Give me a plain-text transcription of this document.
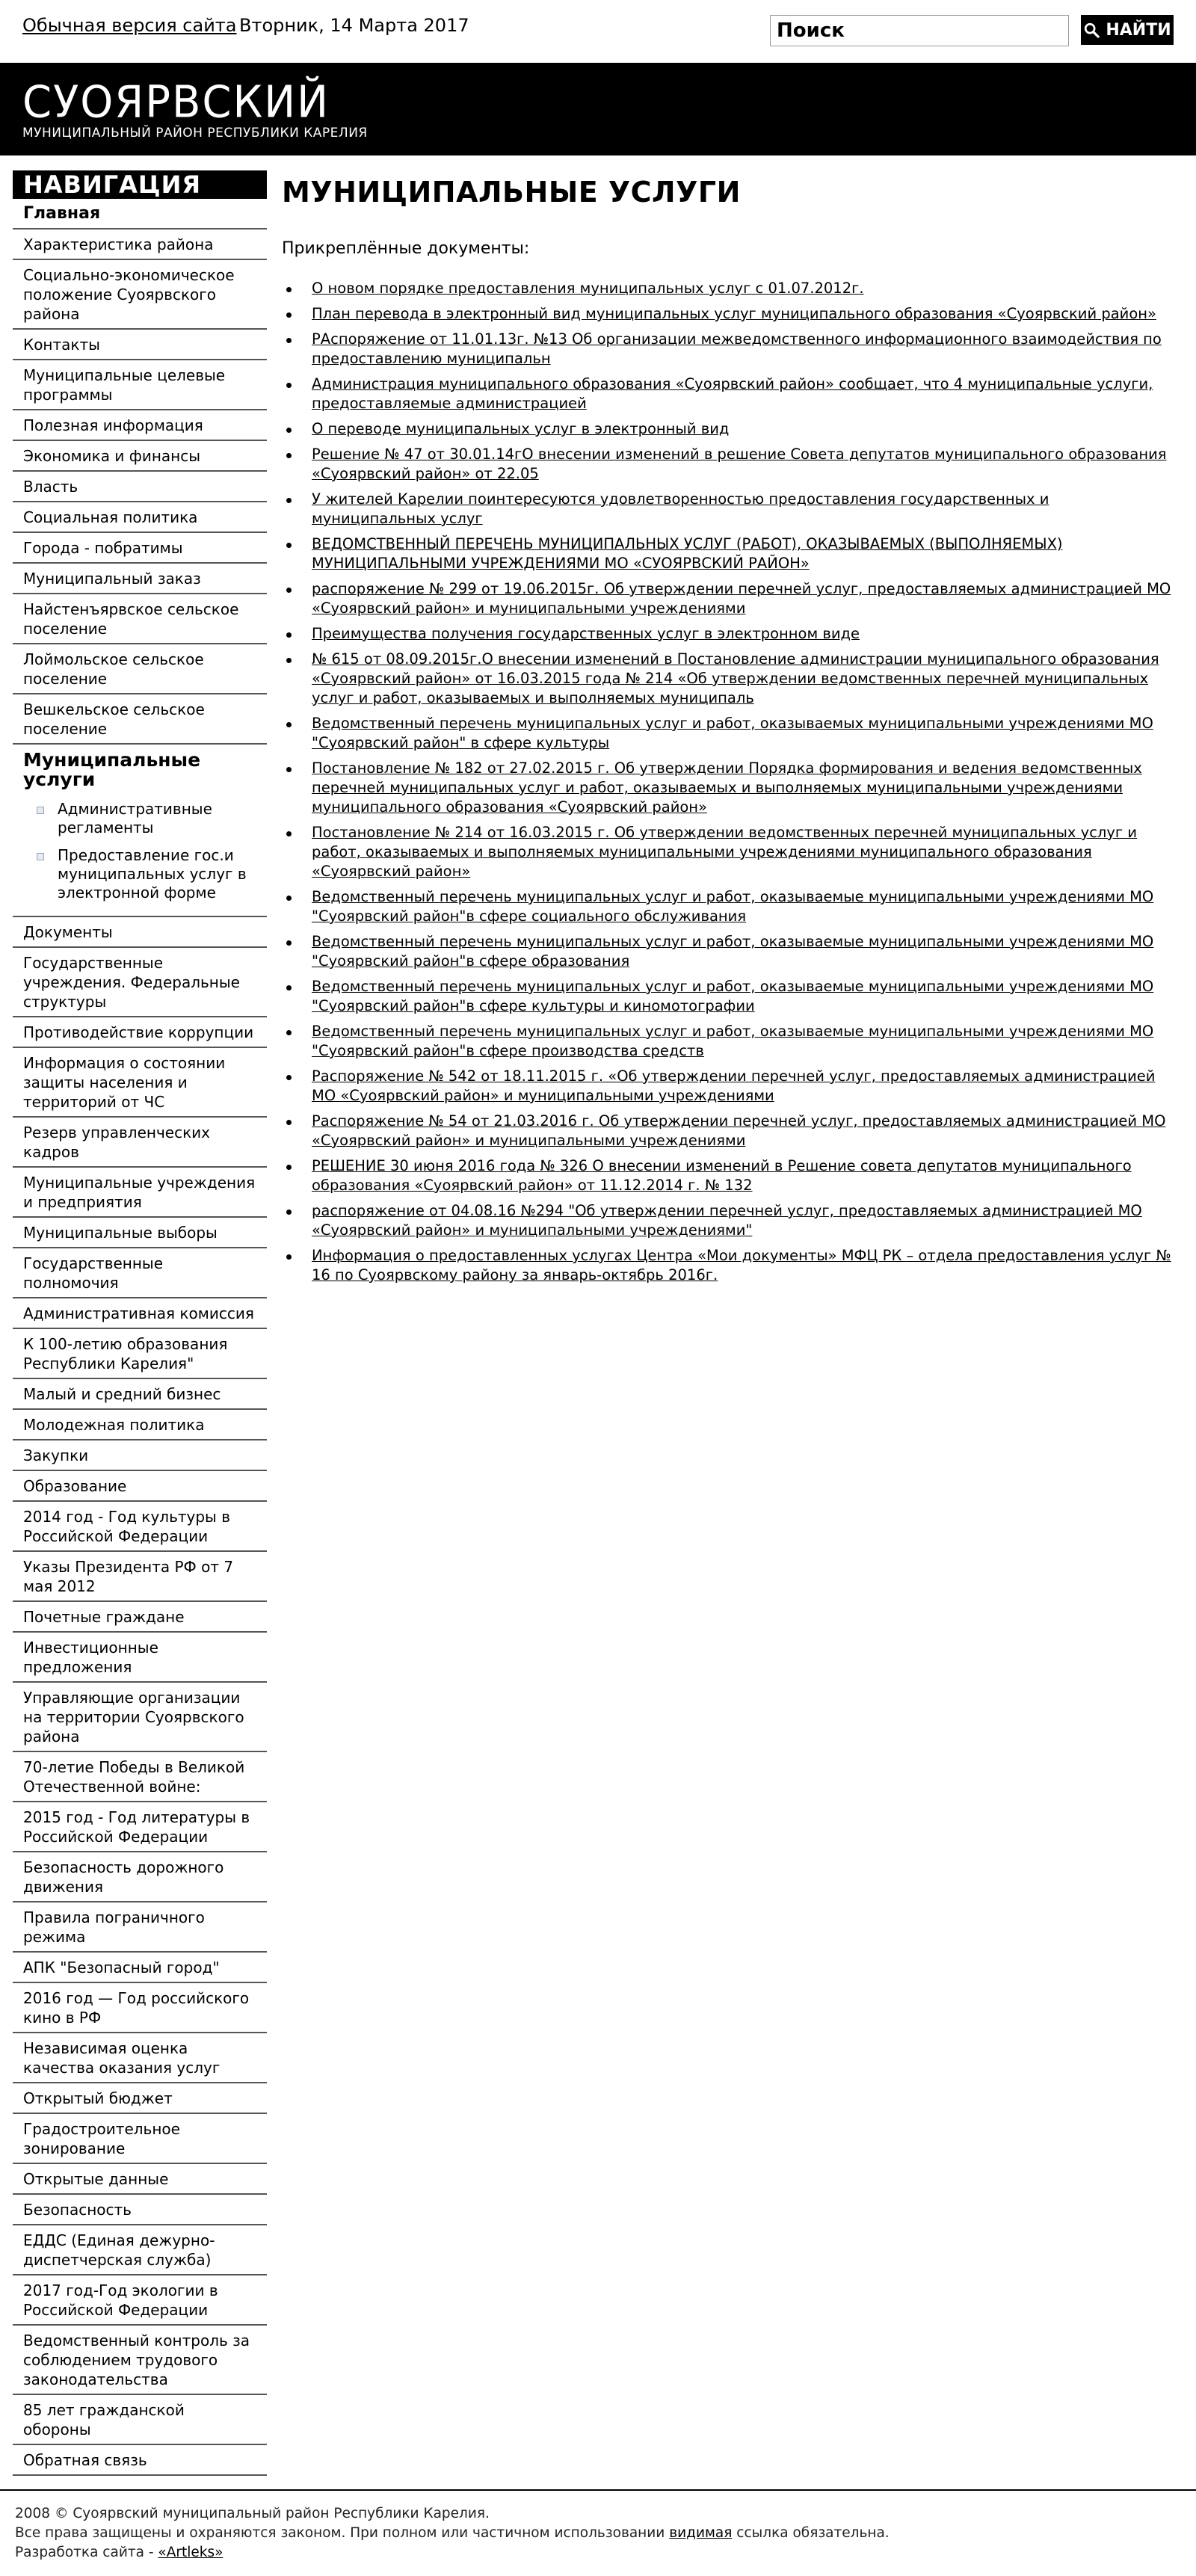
Обычная версия сайта Вторник, 14 Марта 2017
Поиск	НАЙТИ
СУОЯРВСКИЙ
МУНИЦИПАЛЬНЫЙ РАЙОН РЕСПУБЛИКИ КАРЕЛИЯ
НАВИГАЦИЯ
Главная
Характеристика района
Социально-экономическое положение Суоярвского района
Контакты
Муниципальные целевые программы
Полезная информация
Экономика и финансы
Власть
Социальная политика
Города - побратимы
Муниципальный заказ
Найстенъярвское сельское поселение
Лоймольское сельское поселение
Вешкельское сельское поселение
Муниципальные услуги
Административные регламенты
Предоставление гос.и муниципальных услуг в электронной форме
Документы
Государственные учреждения. Федеральные структуры
Противодействие коррупции
Информация о состоянии защиты населения и территорий от ЧС
Резерв управленческих кадров
Муниципальные учреждения и предприятия
Муниципальные выборы
Государственные полномочия
Административная комиссия
К 100-летию образования Республики Карелия"
Малый и средний бизнес
Молодежная политика
Закупки
Образование
2014 год - Год культуры в Российской Федерации
Указы Президента РФ от 7 мая 2012
Почетные граждане
Инвестиционные предложения
Управляющие организации на территории Суоярвского района
70-летие Победы в Великой Отечественной войне:
2015 год - Год литературы в Российской Федерации
Безопасность дорожного движения
Правила пограничного режима
АПК "Безопасный город"
2016 год — Год российского кино в РФ
Независимая оценка качества оказания услуг
Открытый бюджет
Градостроительное зонирование
Открытые данные
Безопасность
ЕДДС (Единая дежурно-диспетчерская служба)
2017 год-Год экологии в Российской Федерации
Ведомственный контроль за соблюдением трудового законодательства
85 лет гражданской обороны
Обратная связь
МУНИЦИПАЛЬНЫЕ УСЛУГИ
Прикреплённые документы:
О новом порядке предоставления муниципальных услуг с 01.07.2012г.
План перевода в электронный вид муниципальных услуг муниципального образования «Суоярвский район»
РАспоряжение от 11.01.13г. №13 Об организации межведомственного информационного взаимодействия по предоставлению муниципальн
Администрация муниципального образования «Суоярвский район» сообщает, что 4 муниципальные услуги, предоставляемые администрацией
О переводе муниципальных услуг в электронный вид
Решение № 47 от 30.01.14гО внесении изменений в решение Совета депутатов муниципального образования «Суоярвский район» от 22.05
У жителей Карелии поинтересуются удовлетворенностью предоставления государственных и муниципальных услуг
ВЕДОМСТВЕННЫЙ ПЕРЕЧЕНЬ МУНИЦИПАЛЬНЫХ УСЛУГ (РАБОТ), ОКАЗЫВАЕМЫХ (ВЫПОЛНЯЕМЫХ) МУНИЦИПАЛЬНЫМИ УЧРЕЖДЕНИЯМИ МО «СУОЯРВСКИЙ РАЙОН»
распоряжение № 299 от 19.06.2015г. Об утверждении перечней услуг, предоставляемых администрацией МО «Суоярвский район» и муниципальными учреждениями
Преимущества получения государственных услуг в электронном виде
№ 615 от 08.09.2015г.О внесении изменений в Постановление администрации муниципального образования «Суоярвский район» от 16.03.2015 года № 214 «Об утверждении ведомственных перечней муниципальных услуг и работ, оказываемых и выполняемых муниципаль
Ведомственный перечень муниципальных услуг и работ, оказываемых муниципальными учреждениями МО "Суоярвский район" в сфере культуры
Постановление № 182 от 27.02.2015 г. Об утверждении Порядка формирования и ведения ведомственных перечней муниципальных услуг и работ, оказываемых и выполняемых муниципальными учреждениями муниципального образования «Суоярвский район»
Постановление № 214 от 16.03.2015 г. Об утверждении ведомственных перечней муниципальных услуг и работ, оказываемых и выполняемых муниципальными учреждениями муниципального образования «Суоярвский район»
Ведомственный перечень муниципальных услуг и работ, оказываемые муниципальными учреждениями МО "Суоярвский район"в сфере социального обслуживания
Ведомственный перечень муниципальных услуг и работ, оказываемые муниципальными учреждениями МО "Суоярвский район"в сфере образования
Ведомственный перечень муниципальных услуг и работ, оказываемые муниципальными учреждениями МО "Суоярвский район"в сфере культуры и киномотографии
Ведомственный перечень муниципальных услуг и работ, оказываемые муниципальными учреждениями МО "Суоярвский район"в сфере производства средств
Распоряжение № 542 от 18.11.2015 г. «Об утверждении перечней услуг, предоставляемых администрацией МО «Суоярвский район» и муниципальными учреждениями
Распоряжение № 54 от 21.03.2016 г. Об утверждении перечней услуг, предоставляемых администрацией МО «Суоярвский район» и муниципальными учреждениями
РЕШЕНИЕ 30 июня 2016 года № 326 О внесении изменений в Решение совета депутатов муниципального образования «Суоярвский район» от 11.12.2014 г. № 132
распоряжение от 04.08.16 №294 "Об утверждении перечней услуг, предоставляемых администрацией МО «Суоярвский район» и муниципальными учреждениями"
Информация о предоставленных услугах Центра «Мои документы» МФЦ РК – отдела предоставления услуг № 16 по Суоярвскому району за январь-октябрь 2016г.
2008 © Суоярвский муниципальный район Республики Карелия.
Все права защищены и охраняются законом. При полном или частичном использовании видимая ссылка обязательна.
Разработка сайта - «Artleks»
